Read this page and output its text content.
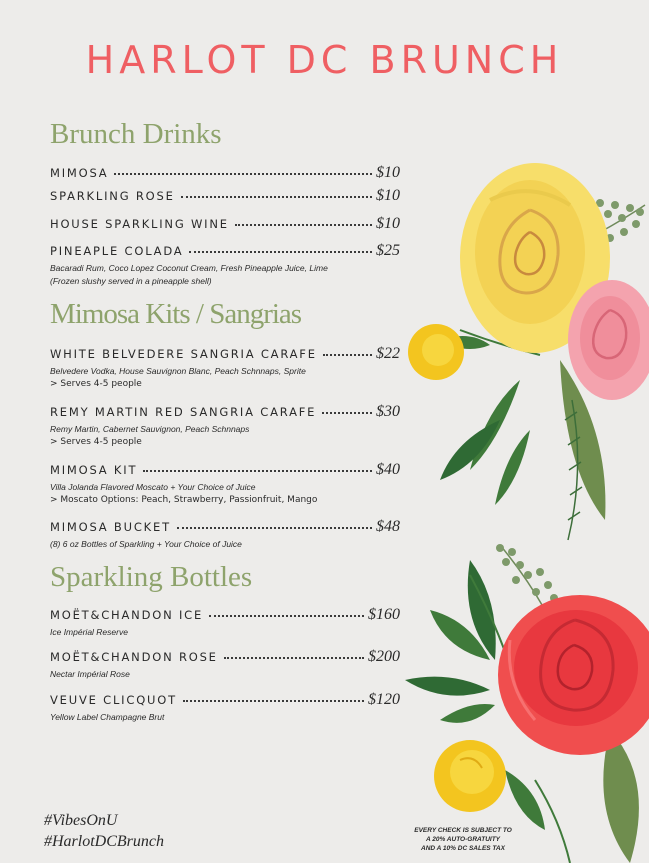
HARLOT DC BRUNCH
Brunch Drinks
MIMOSA	$10
SPARKLING ROSE	$10
HOUSE SPARKLING WINE	$10
PINEAPLE COLADA	$25
Bacaradi Rum, Coco Lopez Coconut Cream, Fresh Pineapple Juice, Lime
(Frozen slushy served in a pineapple shell)
Mimosa Kits / Sangrias
WHITE BELVEDERE SANGRIA CARAFE	$22
Belvedere Vodka, House Sauvignon Blanc, Peach Schnnaps, Sprite
> Serves 4-5 people
REMY MARTIN RED SANGRIA CARAFE	$30
Remy Martin, Cabernet Sauvignon, Peach Schnnaps
> Serves 4-5 people
MIMOSA KIT	$40
Villa Jolanda Flavored Moscato + Your Choice of Juice
> Moscato Options: Peach, Strawberry, Passionfruit, Mango
MIMOSA BUCKET	$48
(8) 6 oz Bottles of Sparkling + Your Choice of Juice
Sparkling Bottles
MOËT&CHANDON ICE	$160
Ice Impérial Reserve
MOËT&CHANDON ROSE	$200
Nectar Impérial Rose
VEUVE CLICQUOT	$120
Yellow Label Champagne Brut
#VibesOnU
#HarlotDCBrunch
EVERY CHECK IS SUBJECT TO
A 20% AUTO-GRATUITY
AND A 10% DC SALES TAX
